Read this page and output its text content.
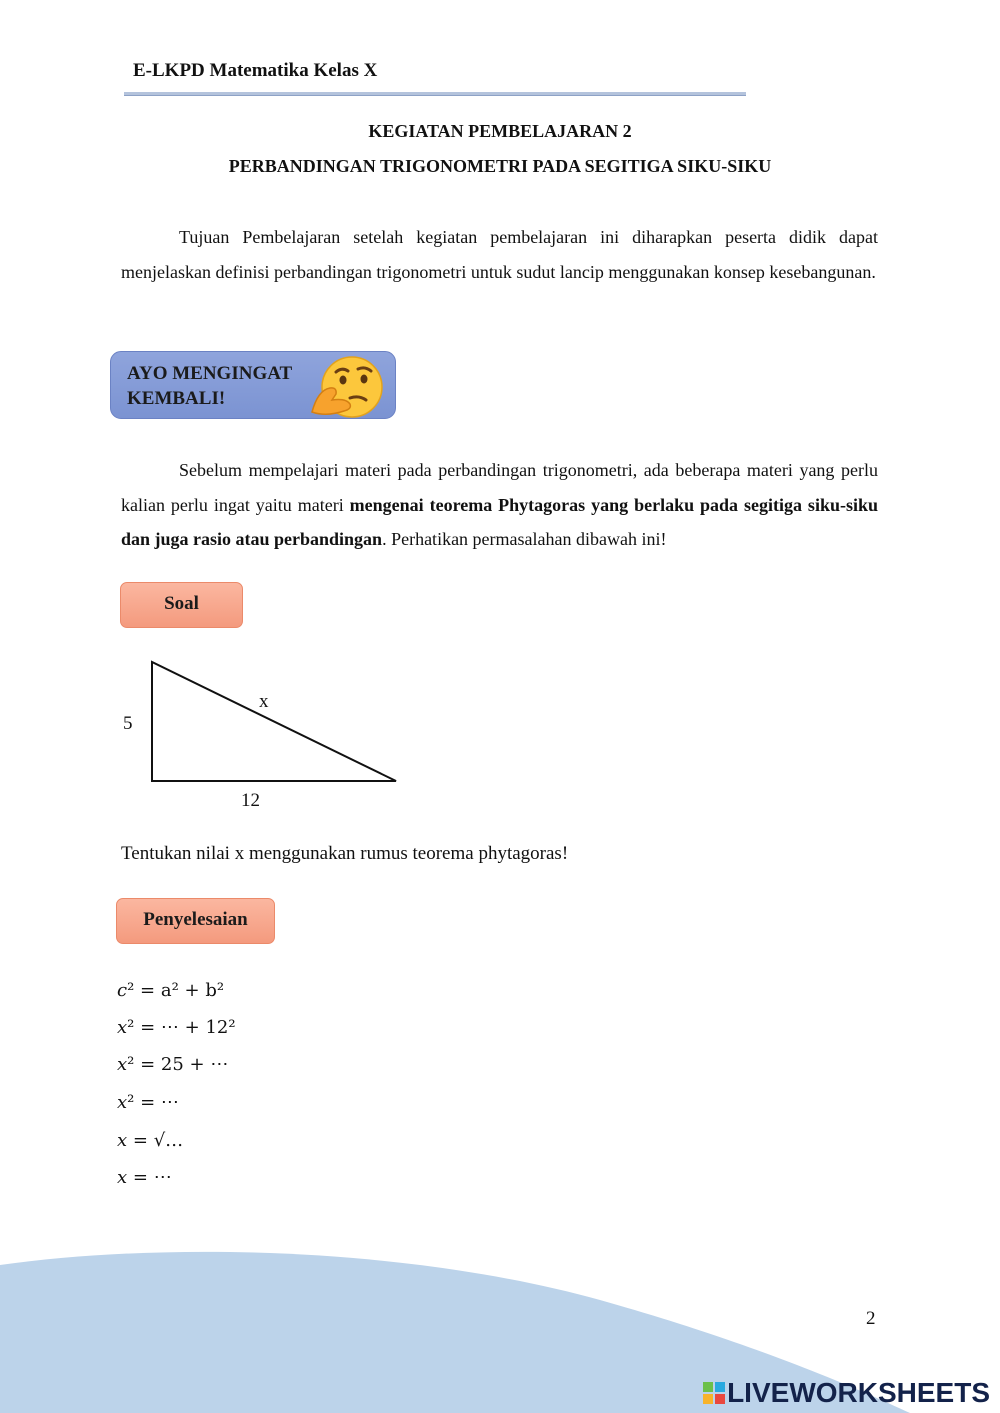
E-LKPD Matematika Kelas X
KEGIATAN PEMBELAJARAN 2
PERBANDINGAN TRIGONOMETRI PADA SEGITIGA SIKU-SIKU
Tujuan Pembelajaran setelah kegiatan pembelajaran ini diharapkan peserta didik dapat menjelaskan definisi perbandingan trigonometri untuk sudut lancip menggunakan konsep kesebangunan.
AYO MENGINGAT
KEMBALI!
Sebelum mempelajari materi pada perbandingan trigonometri, ada beberapa materi yang perlu kalian perlu ingat yaitu materi mengenai teorema Phytagoras yang berlaku pada segitiga siku-siku dan juga rasio atau perbandingan. Perhatikan permasalahan dibawah ini!
Soal
5
x
12
Tentukan nilai x menggunakan rumus teorema phytagoras!
Penyelesaian
c² = a² + b²
x² = ⋯ + 12²
x² = 25 + ⋯
x² = ⋯
x = √…
x = ⋯
2
LIVEWORKSHEETS
